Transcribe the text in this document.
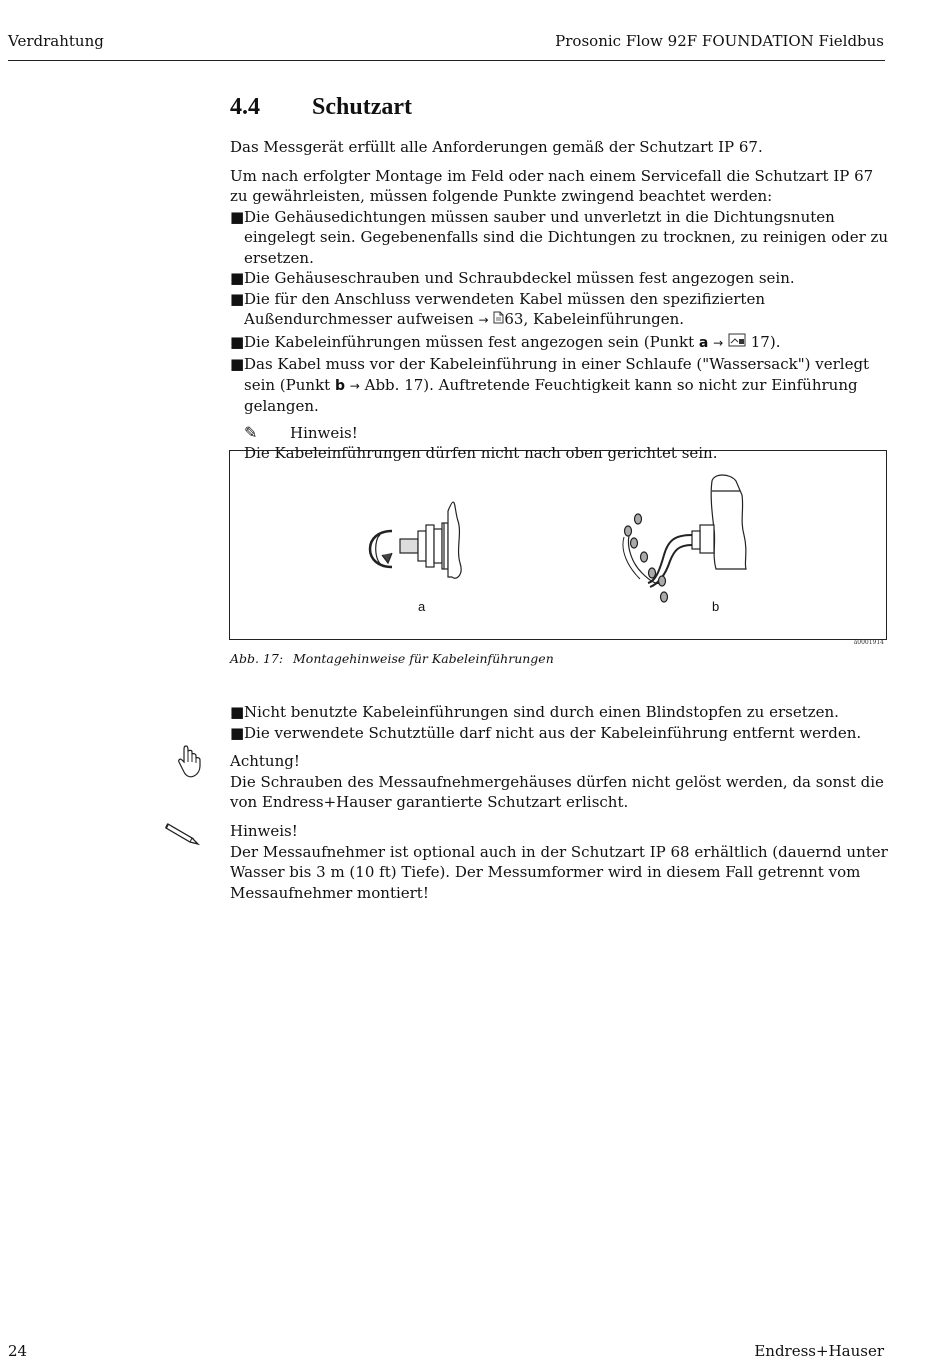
Verdrahtung	Prosonic Flow 92F FOUNDATION Fieldbus
4.4 Schutzart

Das Messgerät erfüllt alle Anforderungen gemäß der Schutzart IP 67.

Um nach erfolgter Montage im Feld oder nach einem Servicefall die Schutzart IP 67 zu gewährleisten, müssen folgende Punkte zwingend beachtet werden:

■ Die Gehäusedichtungen müssen sauber und unverletzt in die Dichtungsnuten eingelegt sein. Gegebenenfalls sind die Dichtungen zu trocknen, zu reinigen oder zu ersetzen.
■ Die Gehäuseschrauben und Schraubdeckel müssen fest angezogen sein.
■ Die für den Anschluss verwendeten Kabel müssen den spezifizierten Außendurchmesser aufweisen → 63, Kabeleinführungen.
■ Die Kabeleinführungen müssen fest angezogen sein (Punkt a → 17).
■ Das Kabel muss vor der Kabeleinführung in einer Schlaufe ("Wassersack") verlegt sein (Punkt b → Abb. 17). Auftretende Feuchtigkeit kann so nicht zur Einführung gelangen.
✎ Hinweis!
Die Kabeleinführungen dürfen nicht nach oben gerichtet sein.
a	b
a0001914
Abb. 17: Montagehinweise für Kabeleinführungen
■ Nicht benutzte Kabeleinführungen sind durch einen Blindstopfen zu ersetzen.
■ Die verwendete Schutztülle darf nicht aus der Kabeleinführung entfernt werden.

Achtung!

Die Schrauben des Messaufnehmergehäuses dürfen nicht gelöst werden, da sonst die von Endress+Hauser garantierte Schutzart erlischt.

Hinweis!

Der Messaufnehmer ist optional auch in der Schutzart IP 68 erhältlich (dauernd unter Wasser bis 3 m (10 ft) Tiefe). Der Messumformer wird in diesem Fall getrennt vom Messaufnehmer montiert!

24	Endress+Hauser
